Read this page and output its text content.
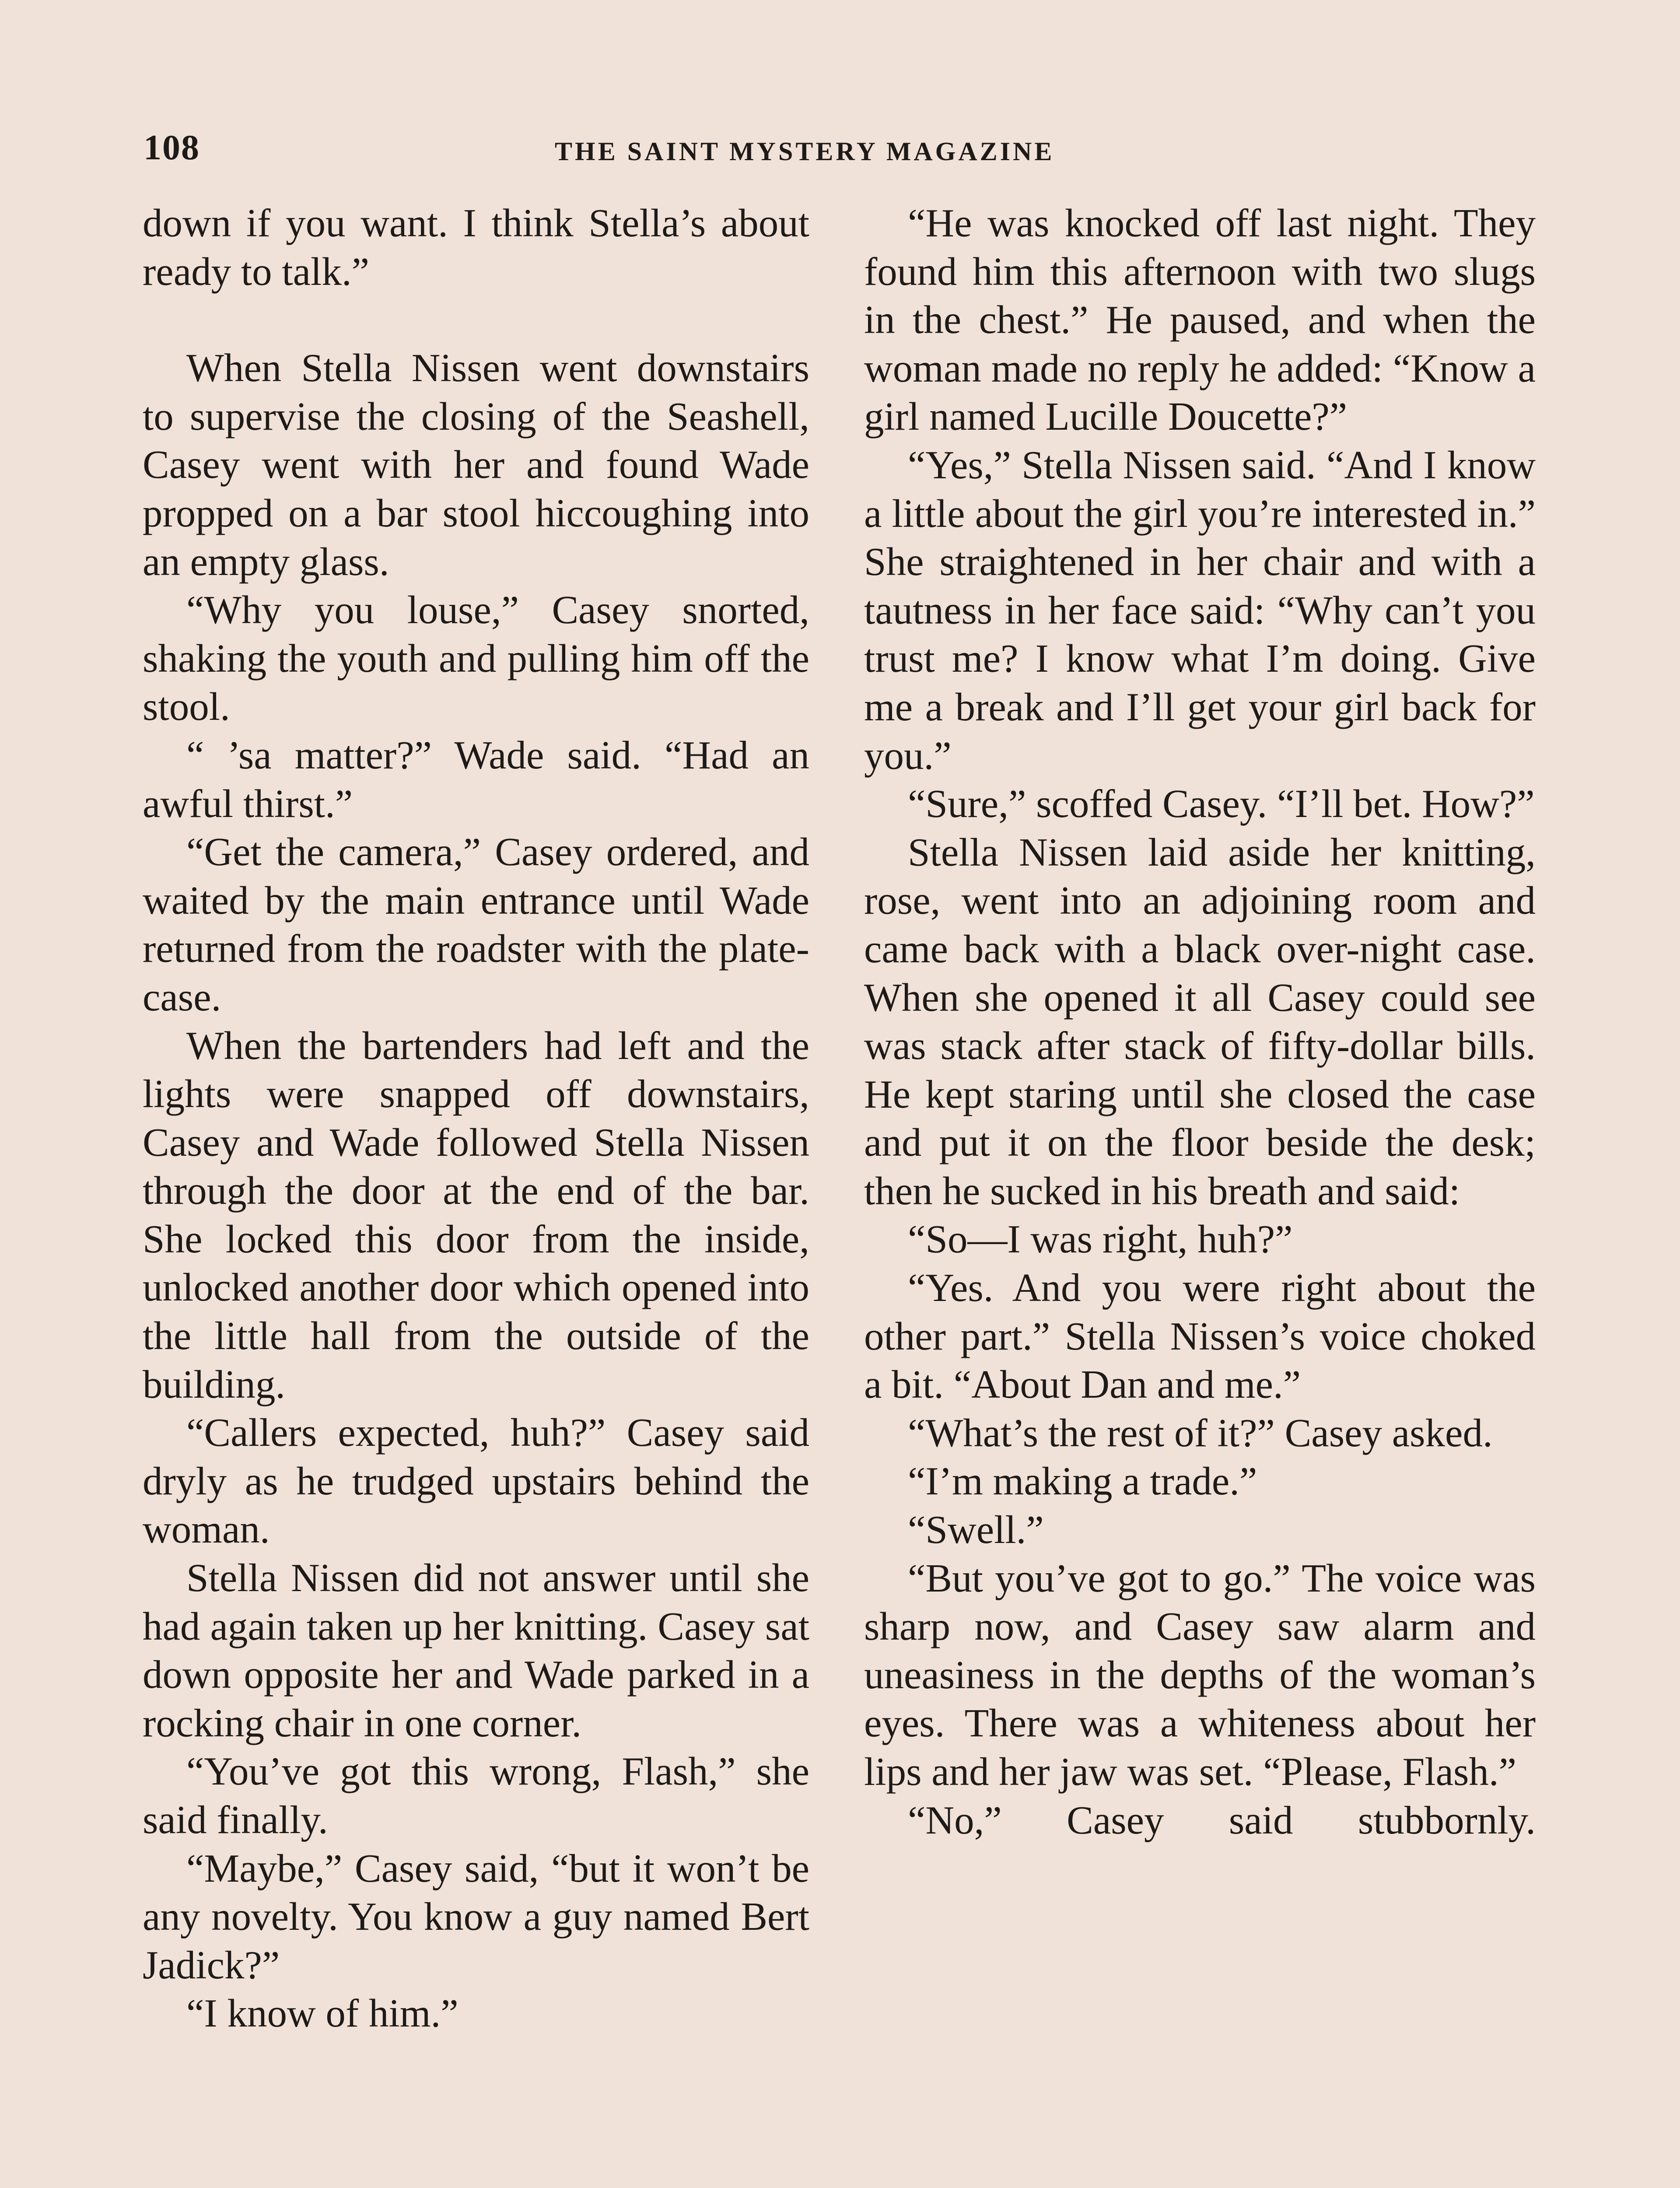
108	THE SAINT MYSTERY MAGAZINE

down if you want. I think Stella’s about ready to talk.”

When Stella Nissen went downstairs to supervise the closing of the Seashell, Casey went with her and found Wade propped on a bar stool hiccoughing into an empty glass.

“Why you louse,” Casey snorted, shaking the youth and pulling him off the stool.

“ ’sa matter?” Wade said. “Had an awful thirst.”

“Get the camera,” Casey ordered, and waited by the main entrance until Wade returned from the roadster with the plate-case.

When the bartenders had left and the lights were snapped off downstairs, Casey and Wade followed Stella Nissen through the door at the end of the bar. She locked this door from the inside, unlocked another door which opened into the little hall from the outside of the building.

“Callers expected, huh?” Casey said dryly as he trudged upstairs behind the woman.

Stella Nissen did not answer until she had again taken up her knitting. Casey sat down opposite her and Wade parked in a rocking chair in one corner.

“You’ve got this wrong, Flash,” she said finally.

“Maybe,” Casey said, “but it won’t be any novelty. You know a guy named Bert Jadick?”

“I know of him.”

“He was knocked off last night. They found him this afternoon with two slugs in the chest.” He paused, and when the woman made no reply he added: “Know a girl named Lucille Doucette?”

“Yes,” Stella Nissen said. “And I know a little about the girl you’re interested in.” She straightened in her chair and with a tautness in her face said: “Why can’t you trust me? I know what I’m doing. Give me a break and I’ll get your girl back for you.”

“Sure,” scoffed Casey. “I’ll bet. How?”

Stella Nissen laid aside her knitting, rose, went into an adjoining room and came back with a black over-night case. When she opened it all Casey could see was stack after stack of fifty-dollar bills. He kept staring until she closed the case and put it on the floor beside the desk; then he sucked in his breath and said:

“So—I was right, huh?”

“Yes. And you were right about the other part.” Stella Nissen’s voice choked a bit. “About Dan and me.”

“What’s the rest of it?” Casey asked.

“I’m making a trade.”

“Swell.”

“But you’ve got to go.” The voice was sharp now, and Casey saw alarm and uneasiness in the depths of the woman’s eyes. There was a whiteness about her lips and her jaw was set. “Please, Flash.”

“No,” Casey said stubbornly.
